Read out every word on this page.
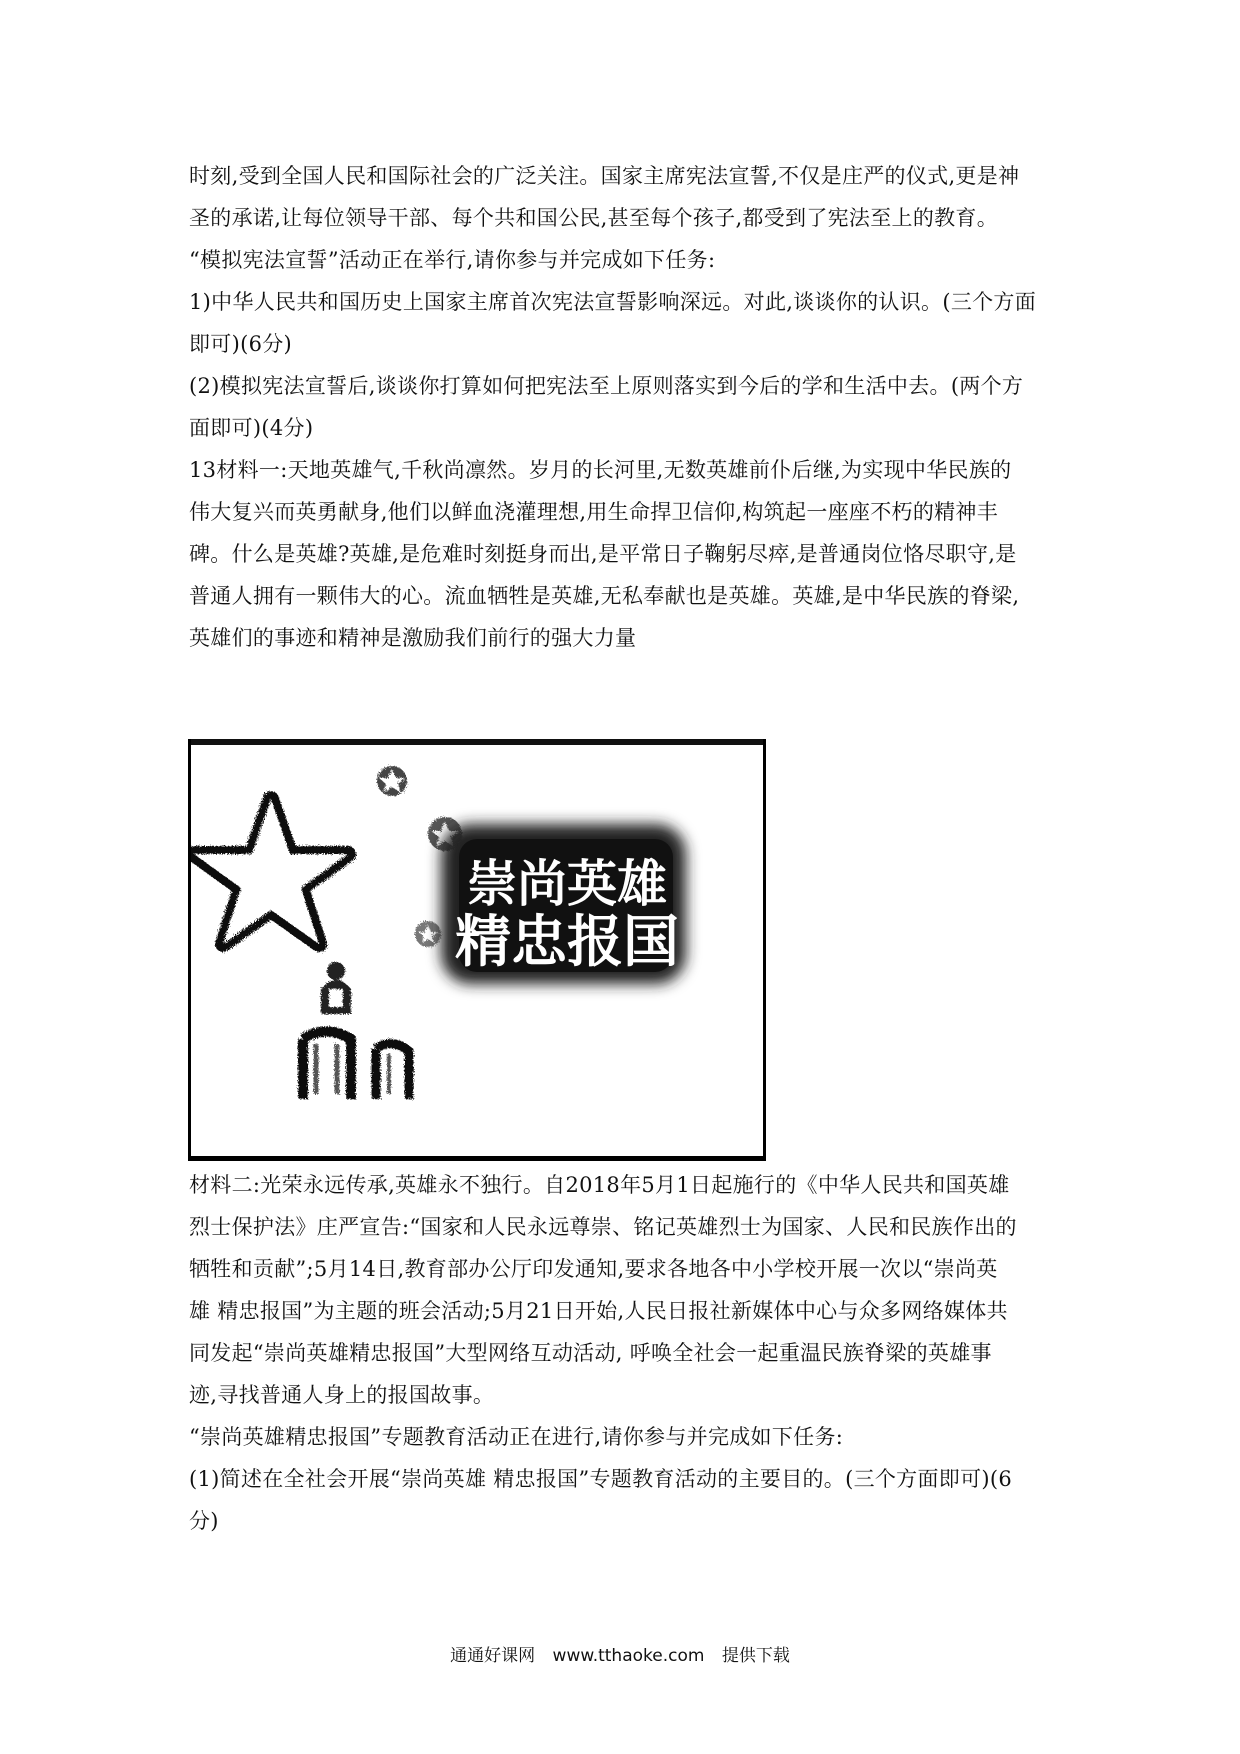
时刻,受到全国人民和国际社会的广泛关注。国家主席宪法宣誓,不仅是庄严的仪式,更是神
圣的承诺,让每位领导干部、每个共和国公民,甚至每个孩子,都受到了宪法至上的教育。
“模拟宪法宣誓”活动正在举行,请你参与并完成如下任务:
1)中华人民共和国历史上国家主席首次宪法宣誓影响深远。对此,谈谈你的认识。(三个方面
即可)(6分)
(2)模拟宪法宣誓后,谈谈你打算如何把宪法至上原则落实到今后的学和生活中去。(两个方
面即可)(4分)
13材料一:天地英雄气,千秋尚凛然。岁月的长河里,无数英雄前仆后继,为实现中华民族的
伟大复兴而英勇献身,他们以鲜血浇灌理想,用生命捍卫信仰,构筑起一座座不朽的精神丰
碑。什么是英雄?英雄,是危难时刻挺身而出,是平常日子鞠躬尽瘁,是普通岗位恪尽职守,是
普通人拥有一颗伟大的心。流血牺牲是英雄,无私奉献也是英雄。英雄,是中华民族的脊梁,
英雄们的事迹和精神是激励我们前行的强大力量
崇尚英雄
精忠报国
材料二:光荣永远传承,英雄永不独行。自2018年5月1日起施行的《中华人民共和国英雄
烈士保护法》庄严宣告:“国家和人民永远尊崇、铭记英雄烈士为国家、人民和民族作出的
牺牲和贡献”;5月14日,教育部办公厅印发通知,要求各地各中小学校开展一次以“崇尚英
雄 精忠报国”为主题的班会活动;5月21日开始,人民日报社新媒体中心与众多网络媒体共
同发起“崇尚英雄精忠报国”大型网络互动活动, 呼唤全社会一起重温民族脊梁的英雄事
迹,寻找普通人身上的报国故事。
“崇尚英雄精忠报国”专题教育活动正在进行,请你参与并完成如下任务:
(1)简述在全社会开展“崇尚英雄 精忠报国”专题教育活动的主要目的。(三个方面即可)(6
分)
通通好课网 www.tthaoke.com 提供下载
